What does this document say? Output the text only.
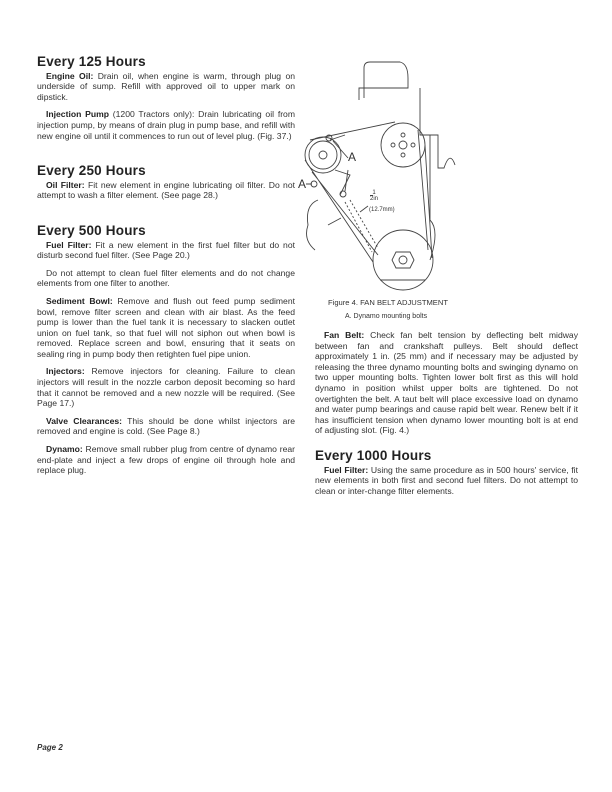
Every 125 Hours

Engine Oil: Drain oil, when engine is warm, through plug on underside of sump. Refill with approved oil to upper mark on dipstick.

Injection Pump (1200 Tractors only): Drain lubricating oil from injection pump, by means of drain plug in pump base, and refill with new engine oil until it commences to run out of level plug. (Fig. 37.)

Every 250 Hours

Oil Filter: Fit new element in engine lubricating oil filter. Do not attempt to wash a filter element. (See page 28.)

Every 500 Hours

Fuel Filter: Fit a new element in the first fuel filter but do not disturb second fuel filter. (See Page 20.)

Do not attempt to clean fuel filter elements and do not change elements from one filter to another.

Sediment Bowl: Remove and flush out feed pump sediment bowl, remove filter screen and clean with air blast. As the feed pump is lower than the fuel tank it is necessary to slacken outlet union on fuel tank, so that fuel will not siphon out when bowl is removed. Replace screen and bowl, ensuring that it seats on sealing ring in pump body then retighten fuel pipe union.

Injectors: Remove injectors for cleaning. Failure to clean injectors will result in the nozzle carbon deposit becoming so hard that it cannot be removed and a new nozzle will be required. (See Page 17.)

Valve Clearances: This should be done whilst injectors are removed and engine is cold. (See Page 8.)

Dynamo: Remove small rubber plug from centre of dynamo rear end-plate and inject a few drops of engine oil through hole and replace plug.

A
A
1
2in
(12.7mm)
Figure 4. FAN BELT ADJUSTMENT
A. Dynamo mounting bolts

Fan Belt: Check fan belt tension by deflecting belt midway between fan and crankshaft pulleys. Belt should deflect approximately 1 in. (25 mm) and if necessary may be adjusted by releasing the three dynamo mounting bolts and swinging dynamo on two upper mounting bolts. Tighten lower bolt first as this will hold dynamo in position whilst upper bolts are tightened. Do not overtighten the belt. A taut belt will place excessive load on dynamo and water pump bearings and cause rapid belt wear. Renew belt if it has insufficient tension when dynamo lower mounting bolt is at end of adjusting slot. (Fig. 4.)

Every 1000 Hours

Fuel Filter: Using the same procedure as in 500 hours' service, fit new elements in both first and second fuel filters. Do not attempt to clean or inter-change filter elements.

Page 2
